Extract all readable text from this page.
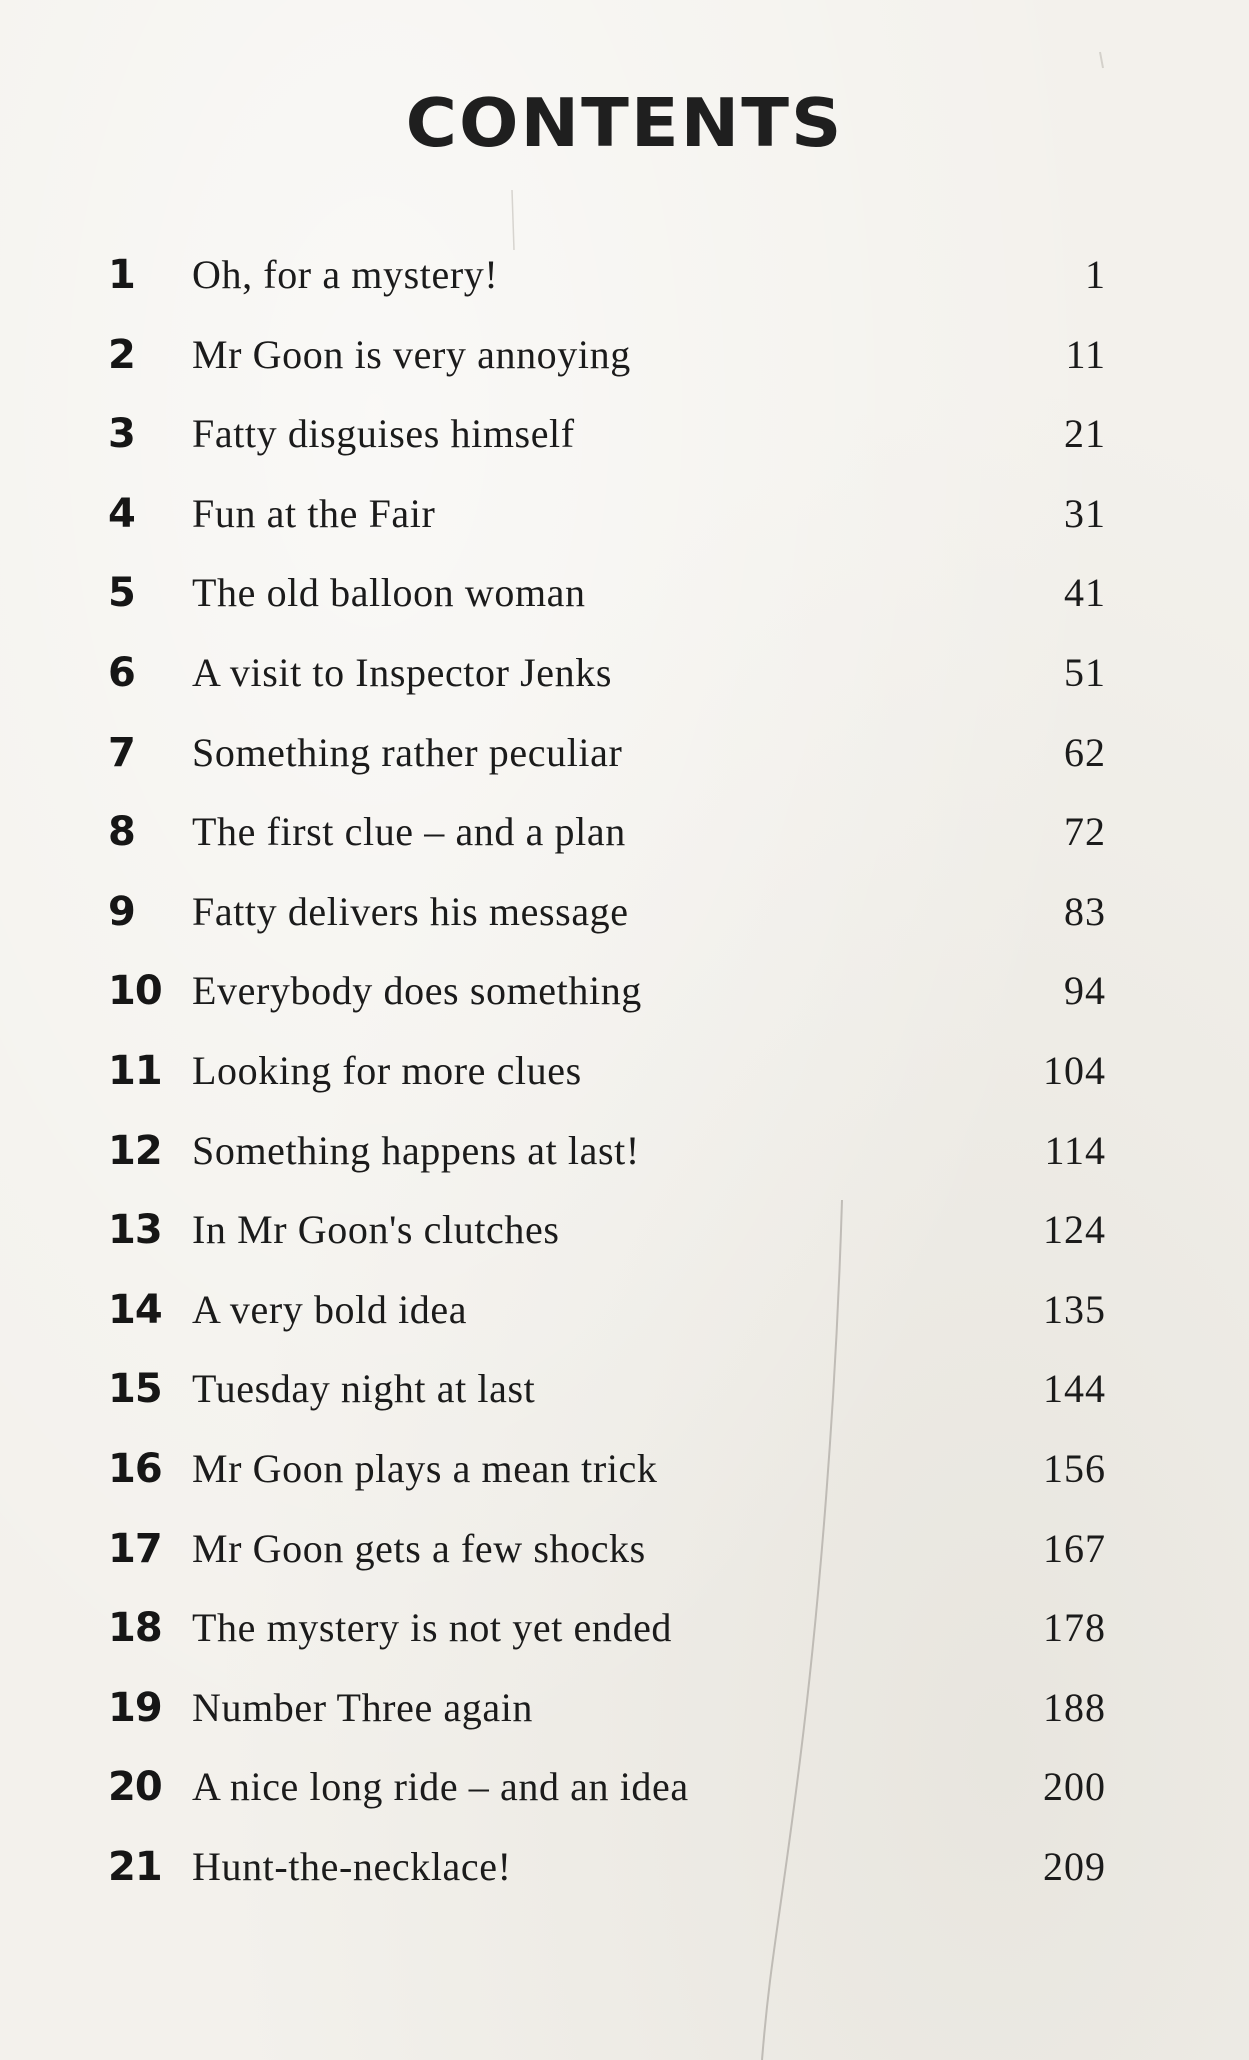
CONTENTS
1	Oh, for a mystery!	1
2	Mr Goon is very annoying	11
3	Fatty disguises himself	21
4	Fun at the Fair	31
5	The old balloon woman	41
6	A visit to Inspector Jenks	51
7	Something rather peculiar	62
8	The first clue – and a plan	72
9	Fatty delivers his message	83
10 Everybody does something	94
11 Looking for more clues	104
12 Something happens at last!	114
13 In Mr Goon's clutches	124
14 A very bold idea	135
15 Tuesday night at last	144
16 Mr Goon plays a mean trick	156
17 Mr Goon gets a few shocks	167
18 The mystery is not yet ended	178
19 Number Three again	188
20 A nice long ride – and an idea	200
21 Hunt-the-necklace!	209
